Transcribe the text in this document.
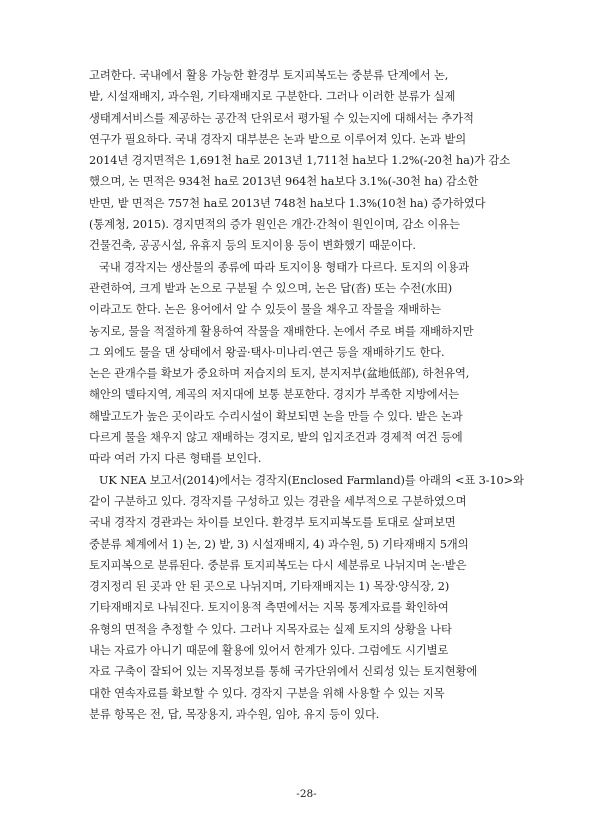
고려한다. 국내에서 활용 가능한 환경부 토지피복도는 중분류 단계에서 논,
밭, 시설재배지, 과수원, 기타재배지로 구분한다. 그러나 이러한 분류가 실제
생태계서비스를 제공하는 공간적 단위로서 평가될 수 있는지에 대해서는 추가적
연구가 필요하다. 국내 경작지 대부분은 논과 밭으로 이루어져 있다. 논과 밭의
2014년 경지면적은 1,691천 ha로 2013년 1,711천 ha보다 1.2%(-20천 ha)가 감소
했으며, 논 면적은 934천 ha로 2013년 964천 ha보다 3.1%(-30천 ha) 감소한
반면, 밭 면적은 757천 ha로 2013년 748천 ha보다 1.3%(10천 ha) 증가하였다
(통계청, 2015). 경지면적의 증가 원인은 개간·간척이 원인이며, 감소 이유는
건물건축, 공공시설, 유휴지 등의 토지이용 등이 변화했기 때문이다.
국내 경작지는 생산물의 종류에 따라 토지이용 형태가 다르다. 토지의 이용과
관련하여, 크게 밭과 논으로 구분될 수 있으며, 논은 답(沓) 또는 수전(水田)
이라고도 한다. 논은 용어에서 알 수 있듯이 물을 채우고 작물을 재배하는
농지로, 물을 적절하게 활용하여 작물을 재배한다. 논에서 주로 벼를 재배하지만
그 외에도 물을 댄 상태에서 왕골·택사·미나리·연근 등을 재배하기도 한다.
논은 관개수를 확보가 중요하며 저습지의 토지, 분지저부(盆地低部), 하천유역,
해안의 델타지역, 계곡의 저지대에 보통 분포한다. 경지가 부족한 지방에서는
해발고도가 높은 곳이라도 수리시설이 확보되면 논을 만들 수 있다. 밭은 논과
다르게 물을 채우지 않고 재배하는 경지로, 밭의 입지조건과 경제적 여건 등에
따라 여러 가지 다른 형태를 보인다.
UK NEA 보고서(2014)에서는 경작지(Enclosed Farmland)를 아래의 <표 3-10>와
같이 구분하고 있다. 경작지를 구성하고 있는 경관을 세부적으로 구분하였으며
국내 경작지 경관과는 차이를 보인다. 환경부 토지피복도를 토대로 살펴보면
중분류 체계에서 1) 논, 2) 밭, 3) 시설재배지, 4) 과수원, 5) 기타재배지 5개의
토지피복으로 분류된다. 중분류 토지피복도는 다시 세분류로 나뉘지며 논·밭은
경지정리 된 곳과 안 된 곳으로 나뉘지며, 기타재배지는 1) 목장·양식장, 2)
기타재배지로 나눠진다. 토지이용적 측면에서는 지목 통계자료를 확인하여
유형의 면적을 추정할 수 있다. 그러나 지목자료는 실제 토지의 상황을 나타
내는 자료가 아니기 때문에 활용에 있어서 한계가 있다. 그럼에도 시기별로
자료 구축이 잘되어 있는 지목정보를 통해 국가단위에서 신뢰성 있는 토지현황에
대한 연속자료를 확보할 수 있다. 경작지 구분을 위해 사용할 수 있는 지목
분류 항목은 전, 답, 목장용지, 과수원, 임야, 유지 등이 있다.
-28-
